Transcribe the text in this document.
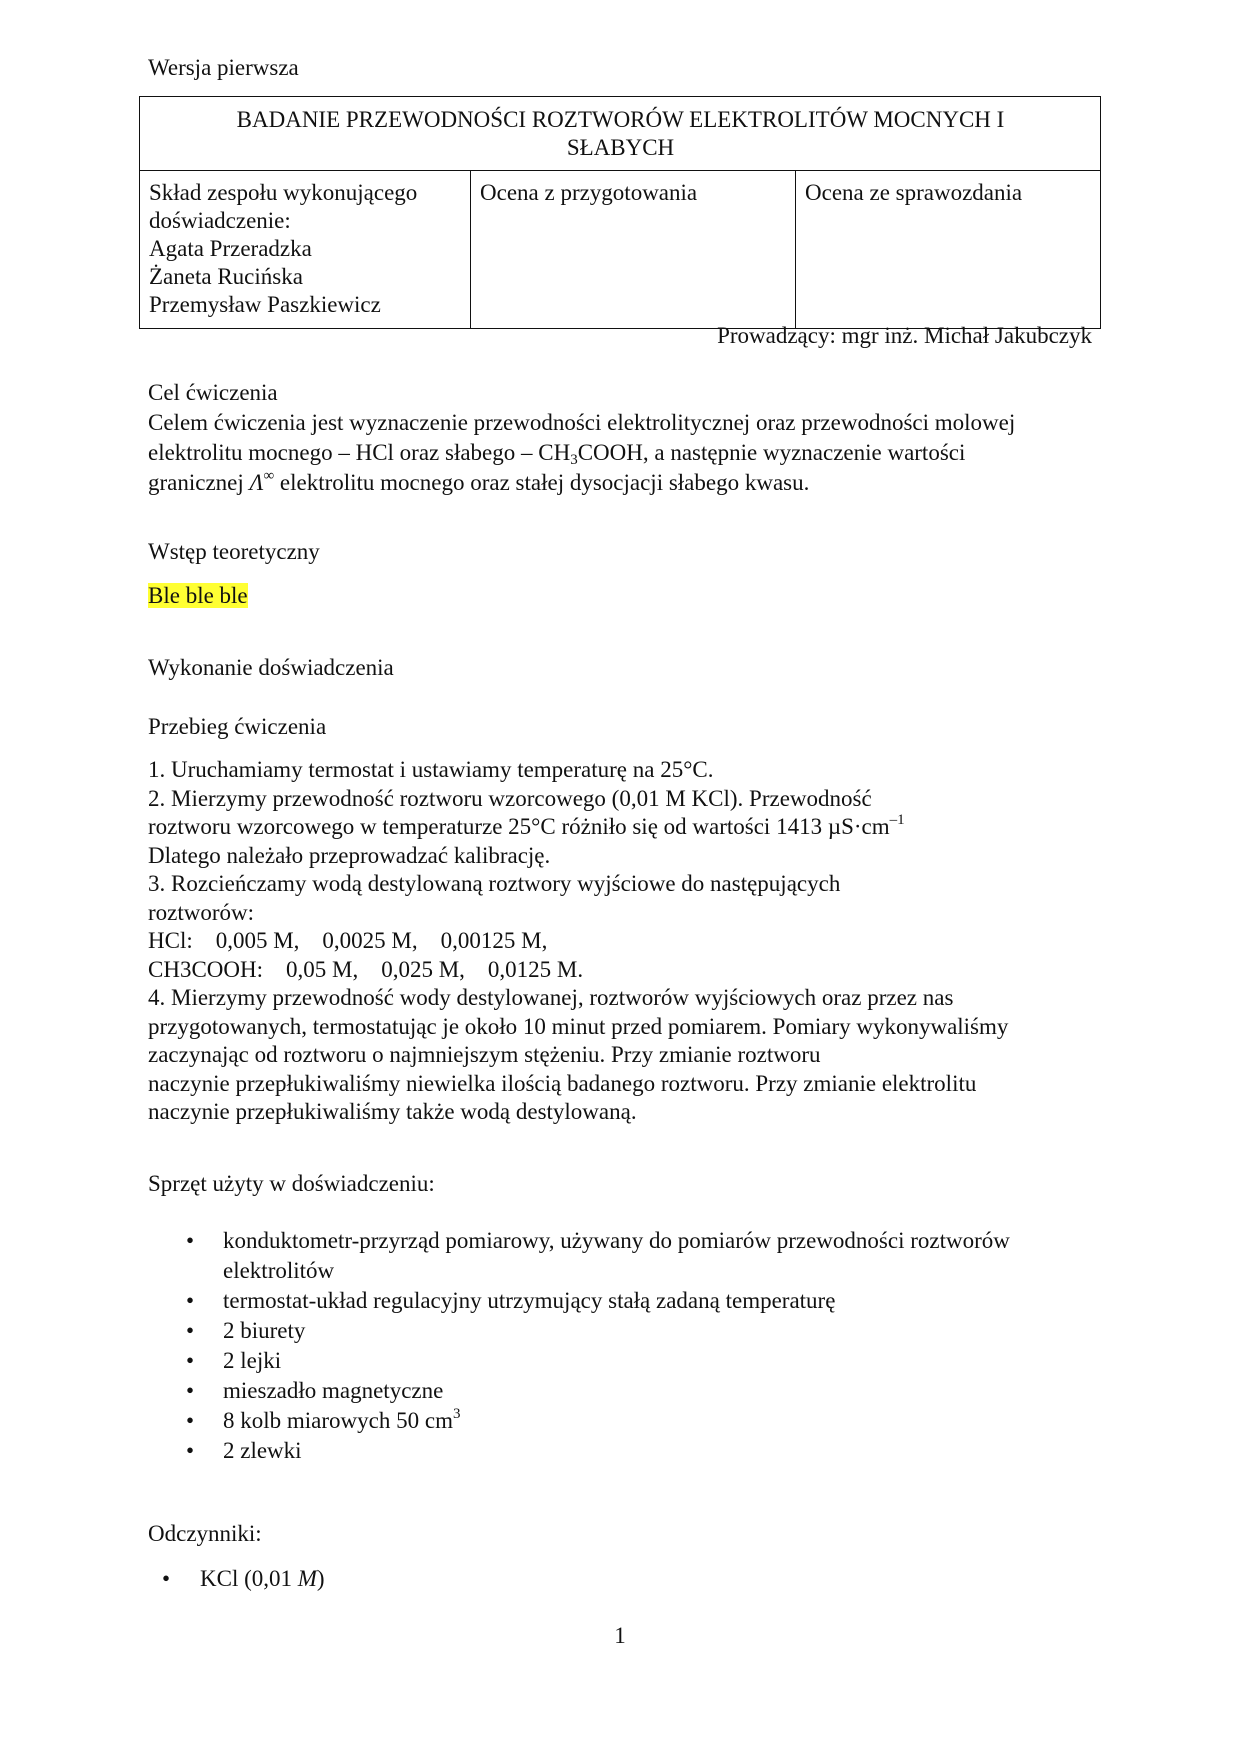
Wersja pierwsza
BADANIE PRZEWODNOŚCI ROZTWORÓW ELEKTROLITÓW MOCNYCH I
SŁABYCH

Skład zespołu wykonującego
doświadczenie:
Agata Przeradzka
Żaneta Rucińska
Przemysław Paszkiewicz

Ocena z przygotowania	Ocena ze sprawozdania
Prowadzący: mgr inż. Michał Jakubczyk
Cel ćwiczenia
Celem ćwiczenia jest wyznaczenie przewodności elektrolitycznej oraz przewodności molowej
elektrolitu mocnego – HCl oraz słabego – $CH_3COOH$, a następnie wyznaczenie wartości
granicznej Λ∞ elektrolitu mocnego oraz stałej dysocjacji słabego kwasu.
Wstęp teoretyczny
Ble ble ble
Wykonanie doświadczenia
Przebieg ćwiczenia
1. Uruchamiamy termostat i ustawiamy temperaturę na 25°C.
2. Mierzymy przewodność roztworu wzorcowego (0,01 M KCl). Przewodność
roztworu wzorcowego w temperaturze 25°C różniło się od wartości 1413 $\mu S\cdot cm^{-1}$
Dlatego należało przeprowadzać kalibrację.
3. Rozcieńczamy wodą destylowaną roztwory wyjściowe do następujących
roztworów:
HCl:    0,005 M,    0,0025 M,    0,00125 M,
CH3COOH:    0,05 M,    0,025 M,    0,0125 M.
4. Mierzymy przewodność wody destylowanej, roztworów wyjściowych oraz przez nas
przygotowanych, termostatując je około 10 minut przed pomiarem. Pomiary wykonywaliśmy
zaczynając od roztworu o najmniejszym stężeniu. Przy zmianie roztworu
naczynie przepłukiwaliśmy niewielka ilością badanego roztworu. Przy zmianie elektrolitu
naczynie przepłukiwaliśmy także wodą destylowaną.
Sprzęt użyty w doświadczeniu:
• konduktometr-przyrząd pomiarowy, używany do pomiarów przewodności roztworów elektrolitów
• termostat-układ regulacyjny utrzymujący stałą zadaną temperaturę
• 2 biurety
• 2 lejki
• mieszadło magnetyczne
• 8 kolb miarowych 50 $cm^3$
• 2 zlewki
Odczynniki:
• KCl (0,01 M)
1
